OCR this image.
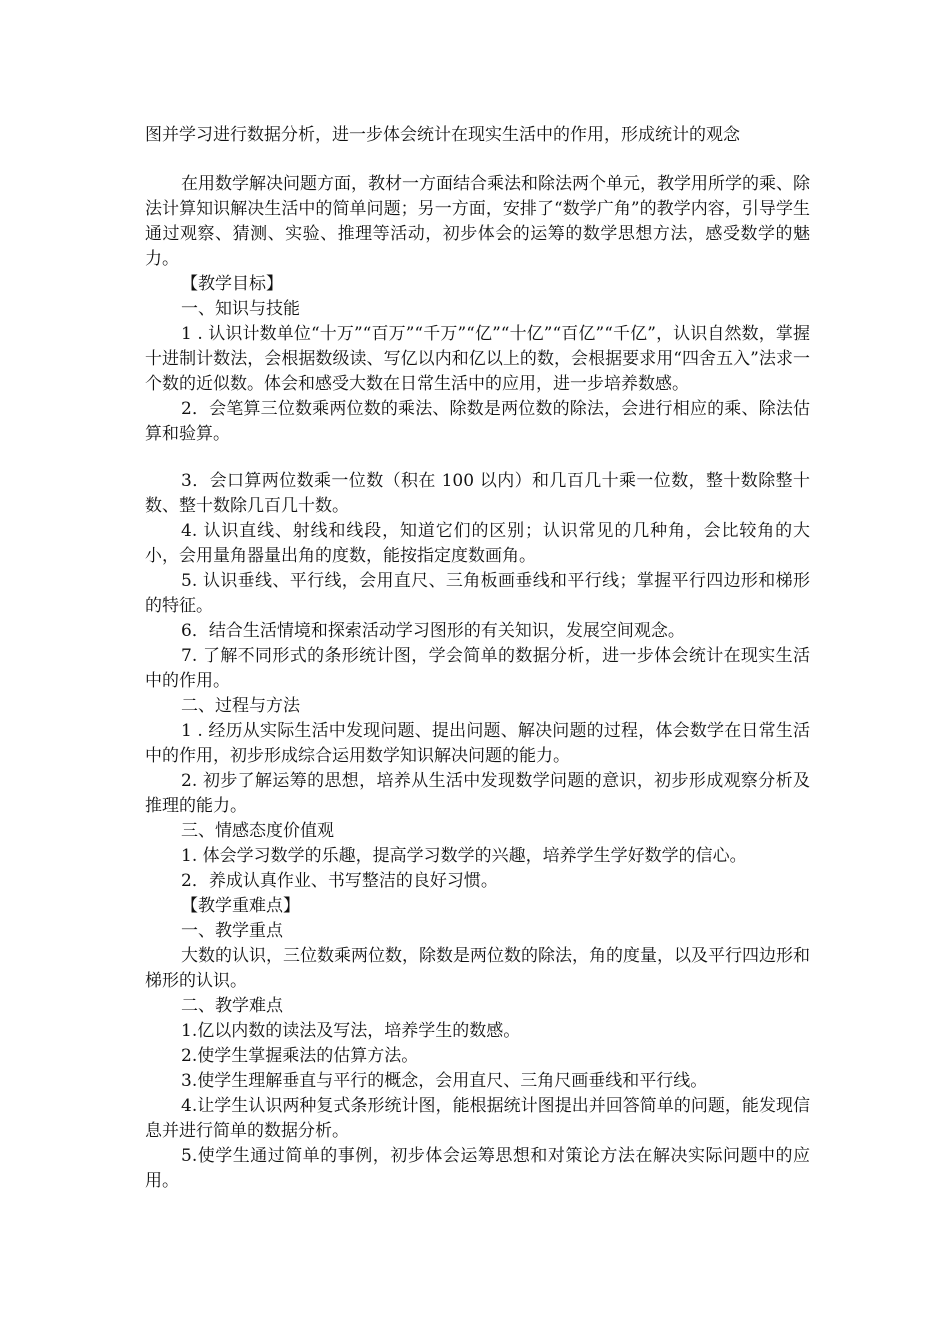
图并学习进行数据分析，进一步体会统计在现实生活中的作用，形成统计的观念

在用数学解决问题方面，教材一方面结合乘法和除法两个单元，教学用所学的乘、除法计算知识解决生活中的简单问题；另一方面，安排了“数学广角”的教学内容，引导学生通过观察、猜测、实验、推理等活动，初步体会的运筹的数学思想方法，感受数学的魅力。

【教学目标】

一、知识与技能

1 . 认识计数单位“十万”“百万”“千万”“亿”“十亿”“百亿”“千亿”，认识自然数，掌握十进制计数法，会根据数级读、写亿以内和亿以上的数，会根据要求用“四舍五入”法求一个数的近似数。体会和感受大数在日常生活中的应用，进一步培养数感。

2．会笔算三位数乘两位数的乘法、除数是两位数的除法，会进行相应的乘、除法估算和验算。

3．会口算两位数乘一位数（积在 100 以内）和几百几十乘一位数，整十数除整十数、整十数除几百几十数。

4. 认识直线、射线和线段，知道它们的区别；认识常见的几种角，会比较角的大小，会用量角器量出角的度数，能按指定度数画角。

5. 认识垂线、平行线，会用直尺、三角板画垂线和平行线；掌握平行四边形和梯形的特征。

6．结合生活情境和探索活动学习图形的有关知识，发展空间观念。

7. 了解不同形式的条形统计图，学会简单的数据分析，进一步体会统计在现实生活中的作用。

二、过程与方法

1 . 经历从实际生活中发现问题、提出问题、解决问题的过程，体会数学在日常生活中的作用，初步形成综合运用数学知识解决问题的能力。

2. 初步了解运筹的思想，培养从生活中发现数学问题的意识，初步形成观察分析及推理的能力。

三、情感态度价值观

1. 体会学习数学的乐趣，提高学习数学的兴趣，培养学生学好数学的信心。

2．养成认真作业、书写整洁的良好习惯。

【教学重难点】

一、教学重点

大数的认识，三位数乘两位数，除数是两位数的除法，角的度量，以及平行四边形和梯形的认识。

二、教学难点

1.亿以内数的读法及写法，培养学生的数感。

2.使学生掌握乘法的估算方法。

3.使学生理解垂直与平行的概念，会用直尺、三角尺画垂线和平行线。

4.让学生认识两种复式条形统计图，能根据统计图提出并回答简单的问题，能发现信息并进行简单的数据分析。

5.使学生通过简单的事例，初步体会运筹思想和对策论方法在解决实际问题中的应用。
